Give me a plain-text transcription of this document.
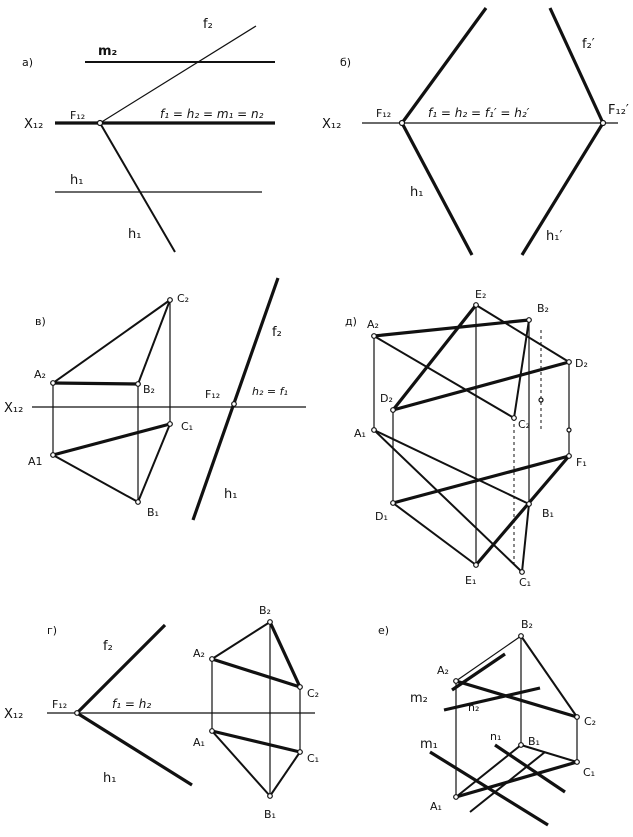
а)
m₂
X₁₂
f₂
F₁₂	f₁ = h₂ = m₁ = n₂
h₁
h₁
б)
X₁₂
F₁₂	F₁₂′
f₂′
f₁ = h₂ = f₁′ = h₂′
h₁
h₁′
в)
X₁₂
A₂
B₂
C₂
A1
B₁
C₁
F₁₂	h₂ = f₁
f₂
h₁
д)
E₂
B₂
A₂
D₂
D₂
C₂
A₁
F₁
D₁	B₁
E₁	C₁
г)
X₁₂
F₁₂
f₂
f₁ = h₂
h₁
B₂
A₂
C₂
A₁
C₁
B₁
е)	B₂
A₂
m₂
n₂
C₂
m₁
n₁ B₁
C₁
A₁
